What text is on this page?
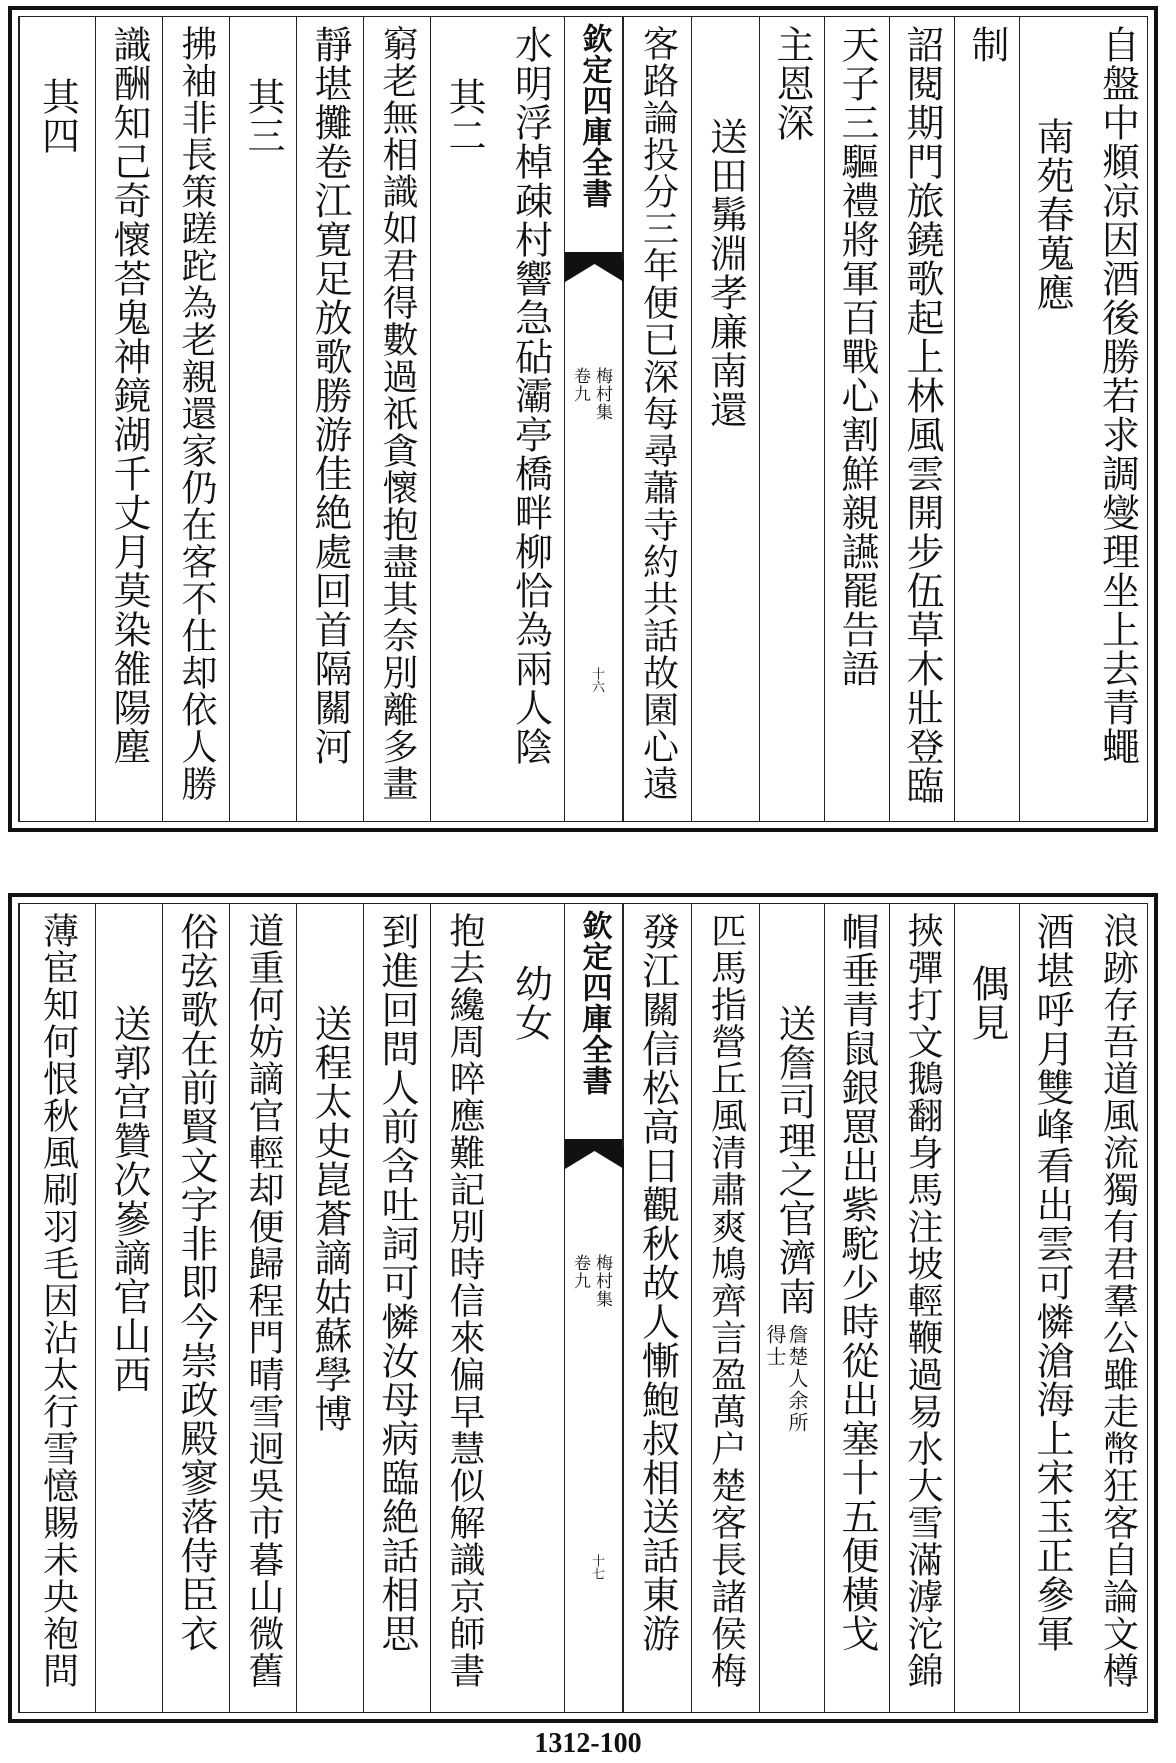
自盤中頫凉因酒後勝若求調燮理坐上去青蠅
南苑春蒐應
制
詔閱期門旅鐃歌起上林風雲開步伍草木壯登臨
天子三驅禮將軍百戰心割鮮親讌罷告語
主恩深
送田髴淵孝廉南還
客路論投分三年便已深每尋蕭寺約共話故園心遠
欽定四庫全書
梅村集
卷九
十六
水明浮棹疎村響急砧灞亭橋畔柳恰為兩人陰
其二
窮老無相識如君得數過祇貪懷抱盡其奈別離多畫
靜堪攤卷江寛足放歌勝游佳絶處回首隔關河
其三
拂袖非長策蹉跎為老親還家仍在客不仕却依人勝
識酬知己奇懷荅鬼神鏡湖千丈月莫染雒陽塵
其四
浪跡存吾道風流獨有君羣公雖走幣狂客自論文樽
酒堪呼月雙峰看出雲可憐滄海上宋玉正參軍
偶見
挾彈打文鵝翻身馬注坡輕鞭過易水大雪滿滹沱錦
帽垂青鼠銀罳出紫駝少時從出塞十五便橫戈
送詹司理之官濟南
詹楚人余所得士
匹馬指營丘風清肅爽鳩齊言盈萬户楚客長諸侯梅
發江關信松高日觀秋故人慚鮑叔相送話東游
欽定四庫全書
梅村集
卷九
十七
幼女
抱去纔周晬應難記別時信來偏早慧似解識京師書
到進回問人前含吐詞可憐汝母病臨絶話相思
送程太史崑蒼謫姑蘇學博
道重何妨謫官輕却便歸程門晴雪迥吳市暮山微舊
俗弦歌在前賢文字非即今崇政殿寥落侍臣衣
送郭宫贊次嵾謫官山西
薄宦知何恨秋風刷羽毛因沾太行雪憶賜未央袍問
1312-100
